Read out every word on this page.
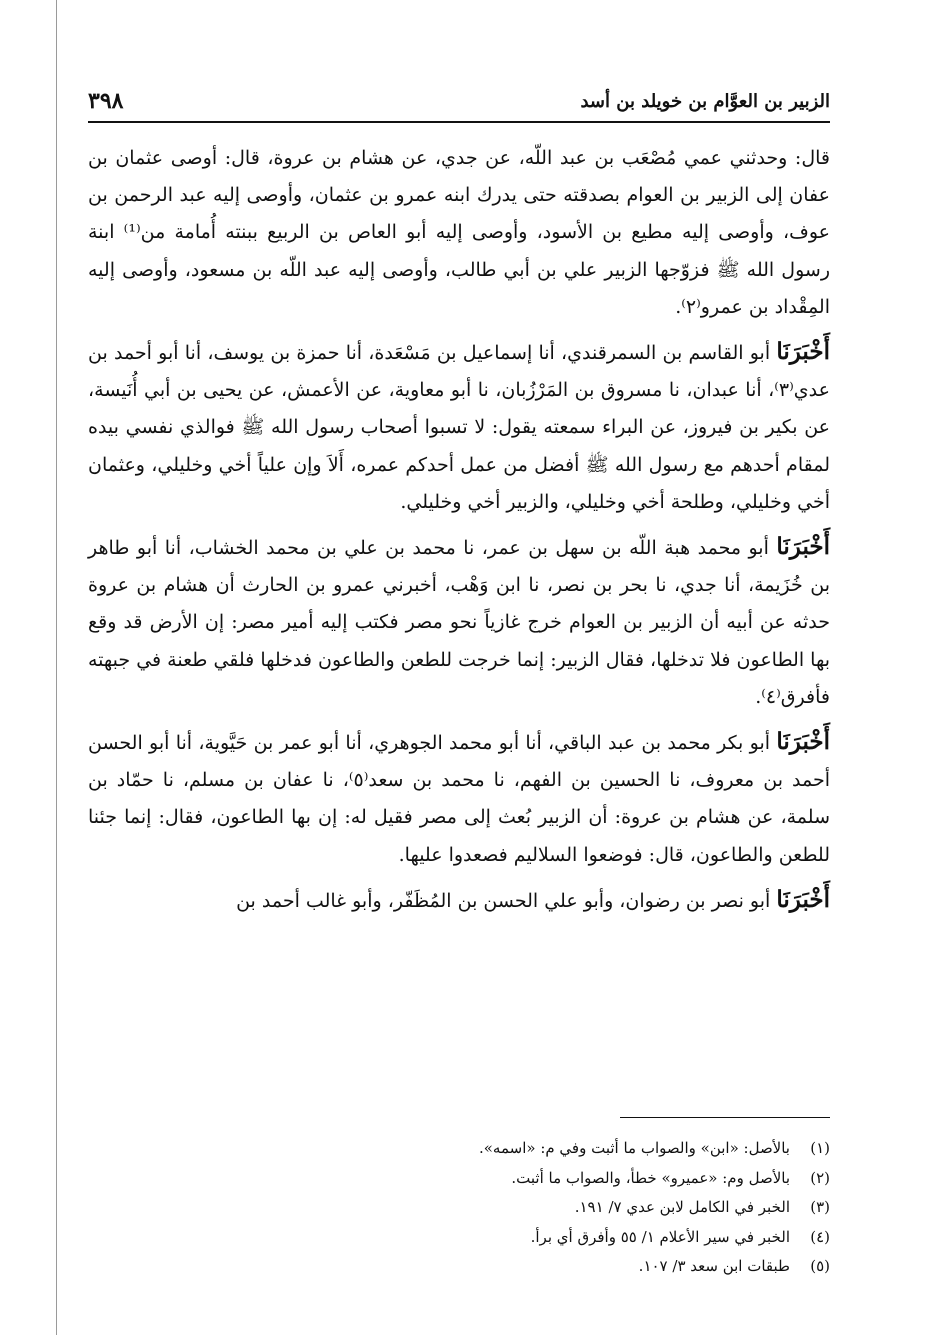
٣٩٨	الزبير بن العوَّام بن خويلد بن أسد

قال: وحدثني عمي مُصْعَب بن عبد اللّه، عن جدي، عن هشام بن عروة، قال: أوصى عثمان بن عفان إلى الزبير بن العوام بصدقته حتى يدرك ابنه عمرو بن عثمان، وأوصى إليه عبد الرحمن بن عوف، وأوصى إليه مطيع بن الأسود، وأوصى إليه أبو العاص بن الربيع ببنته أُمامة من⁽¹⁾ ابنة رسول الله ﷺ فزوّجها الزبير علي بن أبي طالب، وأوصى إليه عبد اللّه بن مسعود، وأوصى إليه المِقْداد بن عمرو⁽٢⁾.

أَخْبَرَنَا أبو القاسم بن السمرقندي، أنا إسماعيل بن مَسْعَدة، أنا حمزة بن يوسف، أنا أبو أحمد بن عدي⁽٣⁾، أنا عبدان، نا مسروق بن المَرْزُبان، نا أبو معاوية، عن الأعمش، عن يحيى بن أبي أُنَيسة، عن بكير بن فيروز، عن البراء سمعته يقول: لا تسبوا أصحاب رسول الله ﷺ فوالذي نفسي بيده لمقام أحدهم مع رسول الله ﷺ أفضل من عمل أحدكم عمره، أَلاَ وإن علياً أخي وخليلي، وعثمان أخي وخليلي، وطلحة أخي وخليلي، والزبير أخي وخليلي.

أَخْبَرَنَا أبو محمد هبة اللّه بن سهل بن عمر، نا محمد بن علي بن محمد الخشاب، أنا أبو طاهر بن خُزَيمة، أنا جدي، نا بحر بن نصر، نا ابن وَهْب، أخبرني عمرو بن الحارث أن هشام بن عروة حدثه عن أبيه أن الزبير بن العوام خرج غازياً نحو مصر فكتب إليه أمير مصر: إن الأرض قد وقع بها الطاعون فلا تدخلها، فقال الزبير: إنما خرجت للطعن والطاعون فدخلها فلقي طعنة في جبهته فأفرق⁽٤⁾.

أَخْبَرَنَا أبو بكر محمد بن عبد الباقي، أنا أبو محمد الجوهري، أنا أبو عمر بن حَيَّوية، أنا أبو الحسن أحمد بن معروف، نا الحسين بن الفهم، نا محمد بن سعد⁽٥⁾، نا عفان بن مسلم، نا حمّاد بن سلمة، عن هشام بن عروة: أن الزبير بُعث إلى مصر فقيل له: إن بها الطاعون، فقال: إنما جئنا للطعن والطاعون، قال: فوضعوا السلاليم فصعدوا عليها.

أَخْبَرَنَا أبو نصر بن رضوان، وأبو علي الحسن بن المُظَفّر، وأبو غالب أحمد بن

(١)
بالأصل: «ابن» والصواب ما أثبت وفي م: «اسمه».
(٢)
بالأصل وم: «عميرو» خطأ، والصواب ما أثبت.
(٣)
الخبر في الكامل لابن عدي ٧/ ١٩١.
(٤)
الخبر في سير الأعلام ١/ ٥٥ وأفرق أي برأ.
(٥)
طبقات ابن سعد ٣/ ١٠٧.
